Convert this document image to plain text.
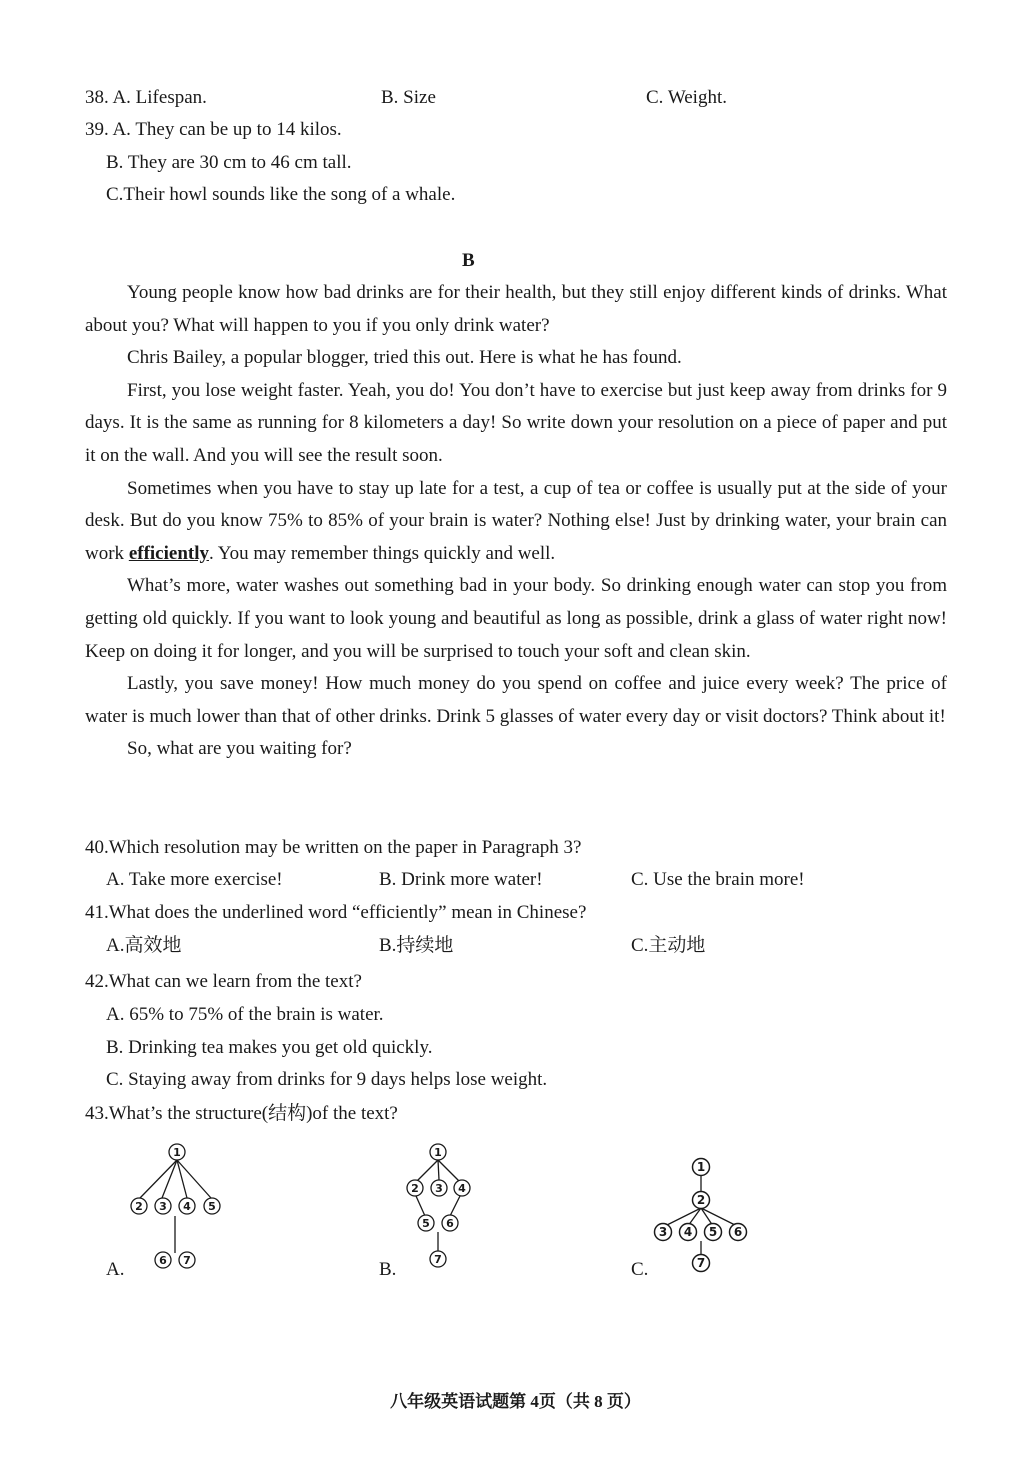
38. A. Lifespan.	B. Size	C. Weight.
39. A. They can be up to 14 kilos.
B. They are 30 cm to 46 cm tall.
C.Their howl sounds like the song of a whale.
B

Young people know how bad drinks are for their health, but they still enjoy different kinds of drinks. What about you? What will happen to you if you only drink water?

Chris Bailey, a popular blogger, tried this out. Here is what he has found.

First, you lose weight faster. Yeah, you do! You don’t have to exercise but just keep away from drinks for 9 days. It is the same as running for 8 kilometers a day! So write down your resolution on a piece of paper and put it on the wall. And you will see the result soon.

Sometimes when you have to stay up late for a test, a cup of tea or coffee is usually put at the side of your desk. But do you know 75% to 85% of your brain is water? Nothing else! Just by drinking water, your brain can work efficiently. You may remember things quickly and well.

What’s more, water washes out something bad in your body. So drinking enough water can stop you from getting old quickly. If you want to look young and beautiful as long as possible, drink a glass of water right now! Keep on doing it for longer, and you will be surprised to touch your soft and clean skin.

Lastly, you save money! How much money do you spend on coffee and juice every week? The price of water is much lower than that of other drinks. Drink 5 glasses of water every day or visit doctors? Think about it!

So, what are you waiting for?

40.Which resolution may be written on the paper in Paragraph 3?
A. Take more exercise!	B. Drink more water!	C. Use the brain more!
41.What does the underlined word “efficiently” mean in Chinese?
A.高效地	B.持续地	C.主动地
42.What can we learn from the text?
A. 65% to 75% of the brain is water.
B. Drinking tea makes you get old quickly.
C. Staying away from drinks for 9 days helps lose weight.
43.What’s the structure(结构)of the text?
A.	B.	C.
1
2 3 4 5
6 7
1
2 3 4
5 6
7
1
2
3 4 5 6
7
八年级英语试题第 4页（共 8 页）
